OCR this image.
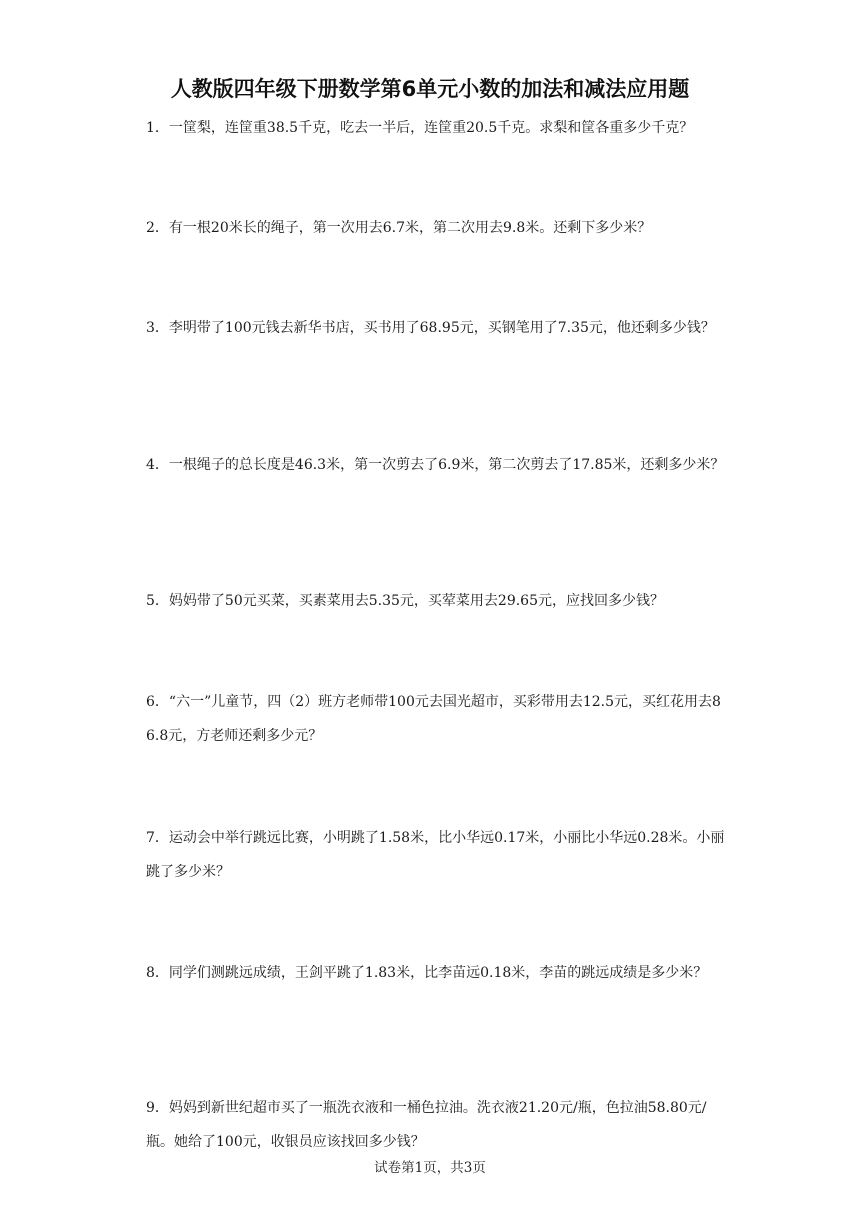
人教版四年级下册数学第6单元小数的加法和减法应用题
1．一筐梨，连筐重38.5千克，吃去一半后，连筐重20.5千克。求梨和筐各重多少千克？
2．有一根20米长的绳子，第一次用去6.7米，第二次用去9.8米。还剩下多少米？
3．李明带了100元钱去新华书店，买书用了68.95元，买钢笔用了7.35元，他还剩多少钱？
4．一根绳子的总长度是46.3米，第一次剪去了6.9米，第二次剪去了17.85米，还剩多少米？
5．妈妈带了50元买菜，买素菜用去5.35元，买荤菜用去29.65元，应找回多少钱？
6．“六一”儿童节，四（2）班方老师带100元去国光超市，买彩带用去12.5元，买红花用去86.8元，方老师还剩多少元？
7．运动会中举行跳远比赛，小明跳了1.58米，比小华远0.17米，小丽比小华远0.28米。小丽跳了多少米？
8．同学们测跳远成绩，王剑平跳了1.83米，比李苗远0.18米，李苗的跳远成绩是多少米？
9．妈妈到新世纪超市买了一瓶洗衣液和一桶色拉油。洗衣液21.20元/瓶，色拉油58.80元/瓶。她给了100元，收银员应该找回多少钱？
试卷第1页，共3页
